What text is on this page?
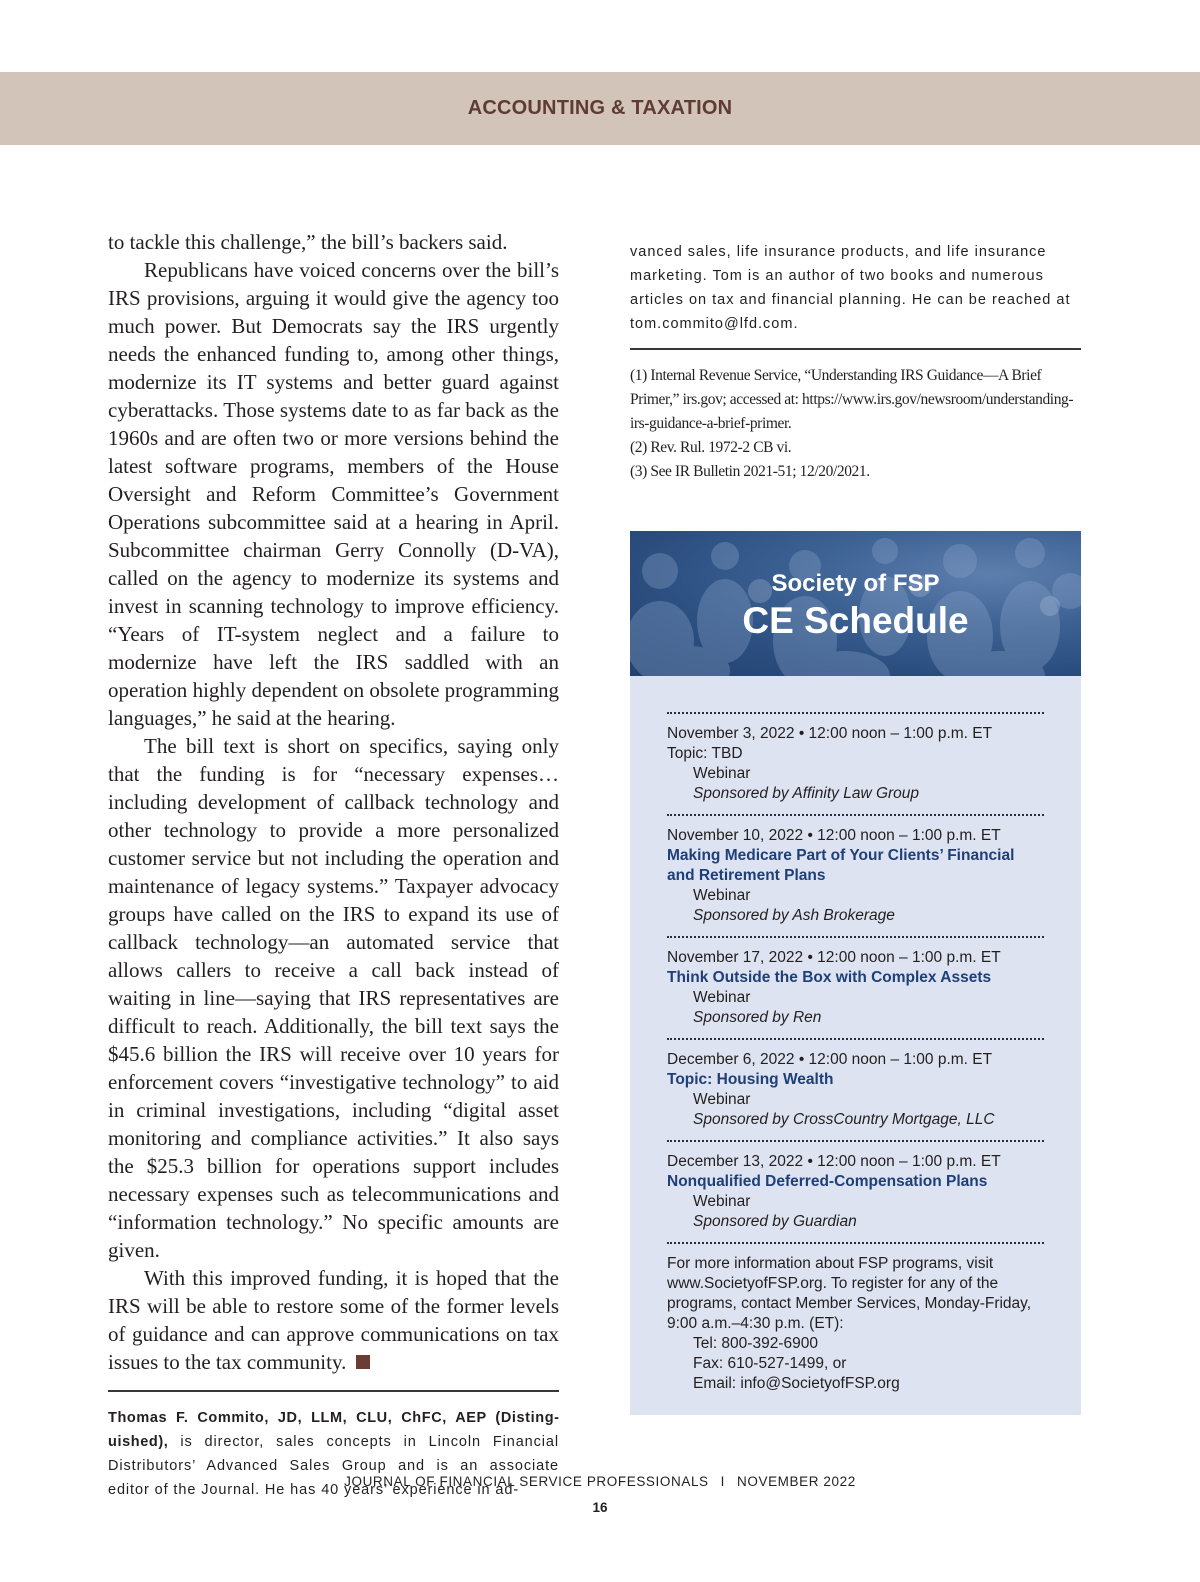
ACCOUNTING & TAXATION

to tackle this challenge,” the bill’s backers said.

Republicans have voiced concerns over the bill’s IRS provisions, arguing it would give the agency too much power. But Democrats say the IRS urgently needs the enhanced funding to, among other things, modernize its IT systems and better guard against cyberattacks. Those systems date to as far back as the 1960s and are often two or more versions behind the latest software programs, members of the House Oversight and Reform Committee’s Government Operations subcommittee said at a hearing in April. Subcommittee chairman Gerry Connolly (D-VA), called on the agency to modernize its systems and invest in scanning technology to improve efficiency. “Years of IT-system neglect and a failure to modernize have left the IRS saddled with an operation highly dependent on obsolete programming languages,” he said at the hearing.

The bill text is short on specifics, saying only that the funding is for “necessary expenses…including development of callback technology and other technology to provide a more personalized customer service but not including the operation and maintenance of legacy systems.” Taxpayer advocacy groups have called on the IRS to expand its use of callback technology—an automated service that allows callers to receive a call back instead of waiting in line—saying that IRS representatives are difficult to reach. Additionally, the bill text says the $45.6 billion the IRS will receive over 10 years for enforcement covers “investigative technology” to aid in criminal investigations, including “digital asset monitoring and compliance activities.” It also says the $25.3 billion for operations support includes necessary expenses such as telecommunications and “information technology.” No specific amounts are given.

With this improved funding, it is hoped that the IRS will be able to restore some of the former levels of guidance and can approve communications on tax issues to the tax community.

Thomas F. Commito, JD, LLM, CLU, ChFC, AEP (Distinguished), is director, sales concepts in Lincoln Financial Distributors’ Advanced Sales Group and is an associate editor of the Journal. He has 40 years’ experience in ad-

vanced sales, life insurance products, and life insurance marketing. Tom is an author of two books and numerous articles on tax and financial planning. He can be reached at tom.commito@lfd.com.

(1) Internal Revenue Service, “Understanding IRS Guidance—A Brief Primer,” irs.gov; accessed at: https://www.irs.gov/newsroom/understanding-irs-guidance-a-brief-primer.
(2) Rev. Rul. 1972-2 CB vi.
(3) See IR Bulletin 2021-51; 12/20/2021.
Society of FSP
CE Schedule
November 3, 2022 • 12:00 noon – 1:00 p.m. ET
Topic: TBD
Webinar
Sponsored by Affinity Law Group
November 10, 2022 • 12:00 noon – 1:00 p.m. ET
Making Medicare Part of Your Clients’ Financial and Retirement Plans
Webinar
Sponsored by Ash Brokerage
November 17, 2022 • 12:00 noon – 1:00 p.m. ET
Think Outside the Box with Complex Assets
Webinar
Sponsored by Ren
December 6, 2022 • 12:00 noon – 1:00 p.m. ET
Topic: Housing Wealth
Webinar
Sponsored by CrossCountry Mortgage, LLC
December 13, 2022 • 12:00 noon – 1:00 p.m. ET
Nonqualified Deferred-Compensation Plans
Webinar
Sponsored by Guardian
For more information about FSP programs, visit www.SocietyofFSP.org. To register for any of the programs, contact Member Services, Monday-Friday, 9:00 a.m.–4:30 p.m. (ET):
Tel: 800-392-6900
Fax: 610-527-1499, or
Email: info@SocietyofFSP.org
JOURNAL OF FINANCIAL SERVICE PROFESSIONALS I NOVEMBER 2022
16
